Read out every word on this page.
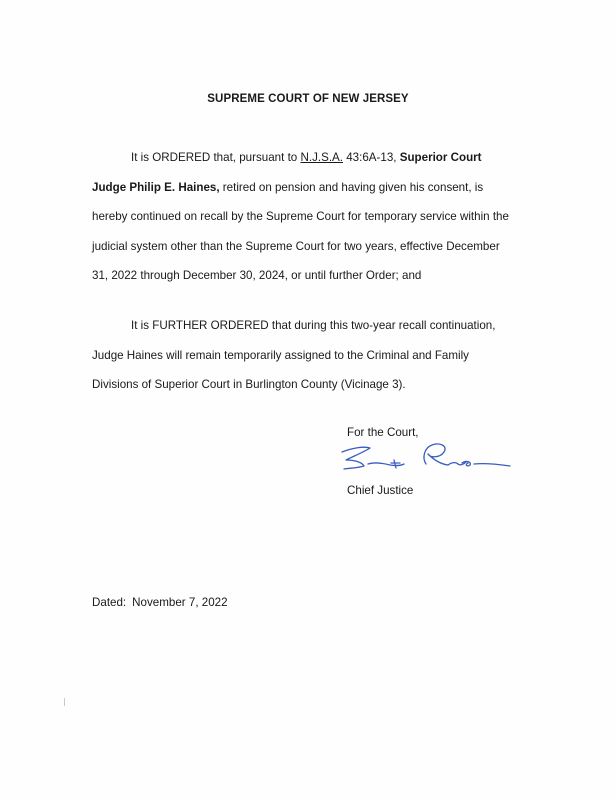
SUPREME COURT OF NEW JERSEY
It is ORDERED that, pursuant to N.J.S.A. 43:6A-13, Superior Court
Judge Philip E. Haines, retired on pension and having given his consent, is
hereby continued on recall by the Supreme Court for temporary service within the
judicial system other than the Supreme Court for two years, effective December
31, 2022 through December 30, 2024, or until further Order; and
It is FURTHER ORDERED that during this two-year recall continuation,
Judge Haines will remain temporarily assigned to the Criminal and Family
Divisions of Superior Court in Burlington County (Vicinage 3).
For the Court,
Chief Justice
Dated: November 7, 2022
